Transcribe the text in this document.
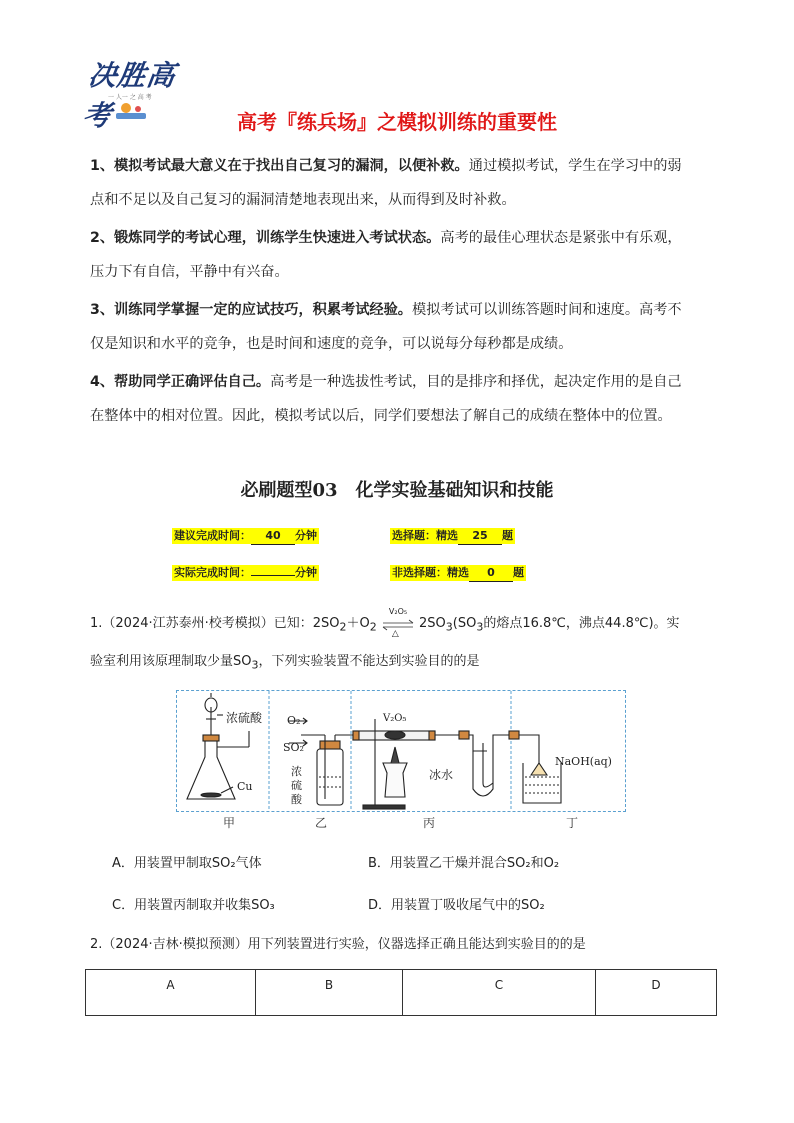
决胜高考
一 人一 之 高 考
高考『练兵场』之模拟训练的重要性
1、模拟考试最大意义在于找出自己复习的漏洞，以便补救。通过模拟考试，学生在学习中的弱
点和不足以及自己复习的漏洞清楚地表现出来，从而得到及时补救。
2、锻炼同学的考试心理，训练学生快速进入考试状态。高考的最佳心理状态是紧张中有乐观，
压力下有自信，平静中有兴奋。
3、训练同学掌握一定的应试技巧，积累考试经验。模拟考试可以训练答题时间和速度。高考不
仅是知识和水平的竞争，也是时间和速度的竞争，可以说每分每秒都是成绩。
4、帮助同学正确评估自己。高考是一种选拔性考试，目的是排序和择优，起决定作用的是自己
在整体中的相对位置。因此，模拟考试以后，同学们要想法了解自己的成绩在整体中的位置。
必刷题型03　化学实验基础知识和技能
建议完成时间： 40 分钟	选择题：精选 25 题
实际完成时间：	分钟	非选择题：精选 0 题
1.（2024·江苏泰州·校考模拟）已知：$2SO_2+O_2$
V₂O₅
△
$2SO_3(SO_3$的熔点16.8℃，沸点44.8℃)。实
验室利用该原理制取少量$SO_3$，下列实验装置不能达到实验目的的是
浓硫酸
Cu
O₂
SO₂
浓
硫
酸
V₂O₅
冰水
NaOH(aq)
甲	乙	丙	丁
A．用装置甲制取SO₂气体	B．用装置乙干燥并混合SO₂和O₂
C．用装置丙制取并收集SO₃	D．用装置丁吸收尾气中的SO₂
2.（2024·吉林·模拟预测）用下列装置进行实验，仪器选择正确且能达到实验目的的是
A	B	C	D
